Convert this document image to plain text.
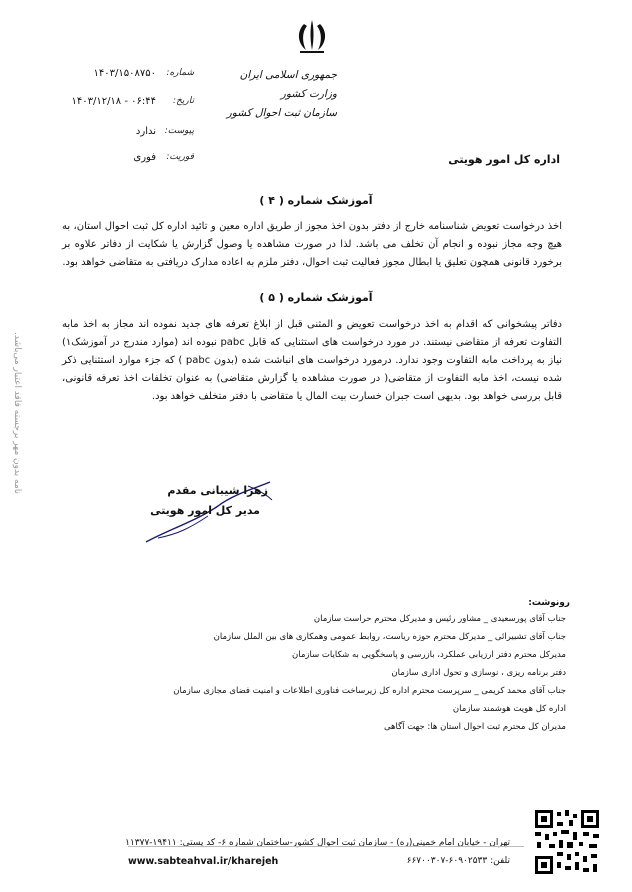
جمهوری اسلامی ایران
وزارت کشور
سازمان ثبت احوال کشور
شماره:
۱۴۰۳/۱۵۰۸۷۵۰
تاریخ:
۱۴۰۳/۱۲/۱۸ - ۰۶:۴۴
پیوست:
ندارد
فوریت:
فوری	اداره کل امور هویتی
آموزشک شماره ( ۴ )
اخذ درخواست تعویض شناسنامه خارج از دفتر بدون اخذ مجوز از طریق اداره معین و تائید اداره کل ثبت احوال استان، به هیچ وجه مجاز نبوده و انجام آن تخلف می باشد. لذا در صورت مشاهده یا وصول گزارش یا شکایت از دفاتر علاوه بر برخورد قانونی همچون تعلیق یا ابطال مجوز فعالیت ثبت احوال، دفتر ملزم به اعاده مدارک دریافتی به متقاضی خواهد بود.
آموزشک شماره ( ۵ )
دفاتر پیشخوانی که اقدام به اخذ درخواست تعویض و المثنی قبل از ابلاغ تعرفه های جدید نموده اند مجاز به اخذ مابه التفاوت تعرفه از متقاضی نیستند. در مورد درخواست های استثنایی که قابل pabc نبوده اند (موارد مندرج در آموزشک۱) نیاز به پرداخت مابه التفاوت وجود ندارد. درمورد درخواست های انباشت شده (بدون pabc ) که جزء موارد استثنایی ذکر شده نیست، اخذ مابه التفاوت از متقاضی( در صورت مشاهده یا گزارش متقاضی) به عنوان تخلفات اخذ تعرفه قانونی، قابل بررسی خواهد بود. بدیهی است جبران خسارت بیت المال یا متقاضی با دفتر متخلف خواهد بود.
نامه بدون مهر برجسته فاقد اعتبار می‌باشد.	زهرا شیبانی مقدم
مدیر کل امور هویتی
رونوشت:
جناب آقای پورسعیدی _ مشاور رئیس و مدیرکل محترم حراست سازمان
جناب آقای تشبیرائی _ مدیرکل محترم حوزه ریاست، روابط عمومی وهمکاری های بین الملل سازمان
مدیرکل محترم دفتر ارزیابی عملکرد، بازرسی و پاسخگویی به شکایات سازمان
دفتر برنامه ریزی ، نوسازی و تحول اداری سازمان
جناب آقای محمد کریمی _ سرپرست محترم اداره کل زیرساخت فناوری اطلاعات و امنیت فضای مجازی سازمان
اداره کل هویت هوشمند سازمان
مدیران کل محترم ثبت احوال استان ها: جهت آگاهی
تهران - خیابان امام خمینی(ره) - سازمان ثبت احوال کشور-ساختمان شماره ۶- کد پستی: ۱۹۴۱۱-۱۱۳۷۷
تلفن: ۶۰۹۰۲۵۳۳-۶۶۷۰۰۳۰۷
www.sabteahval.ir/kharejeh
